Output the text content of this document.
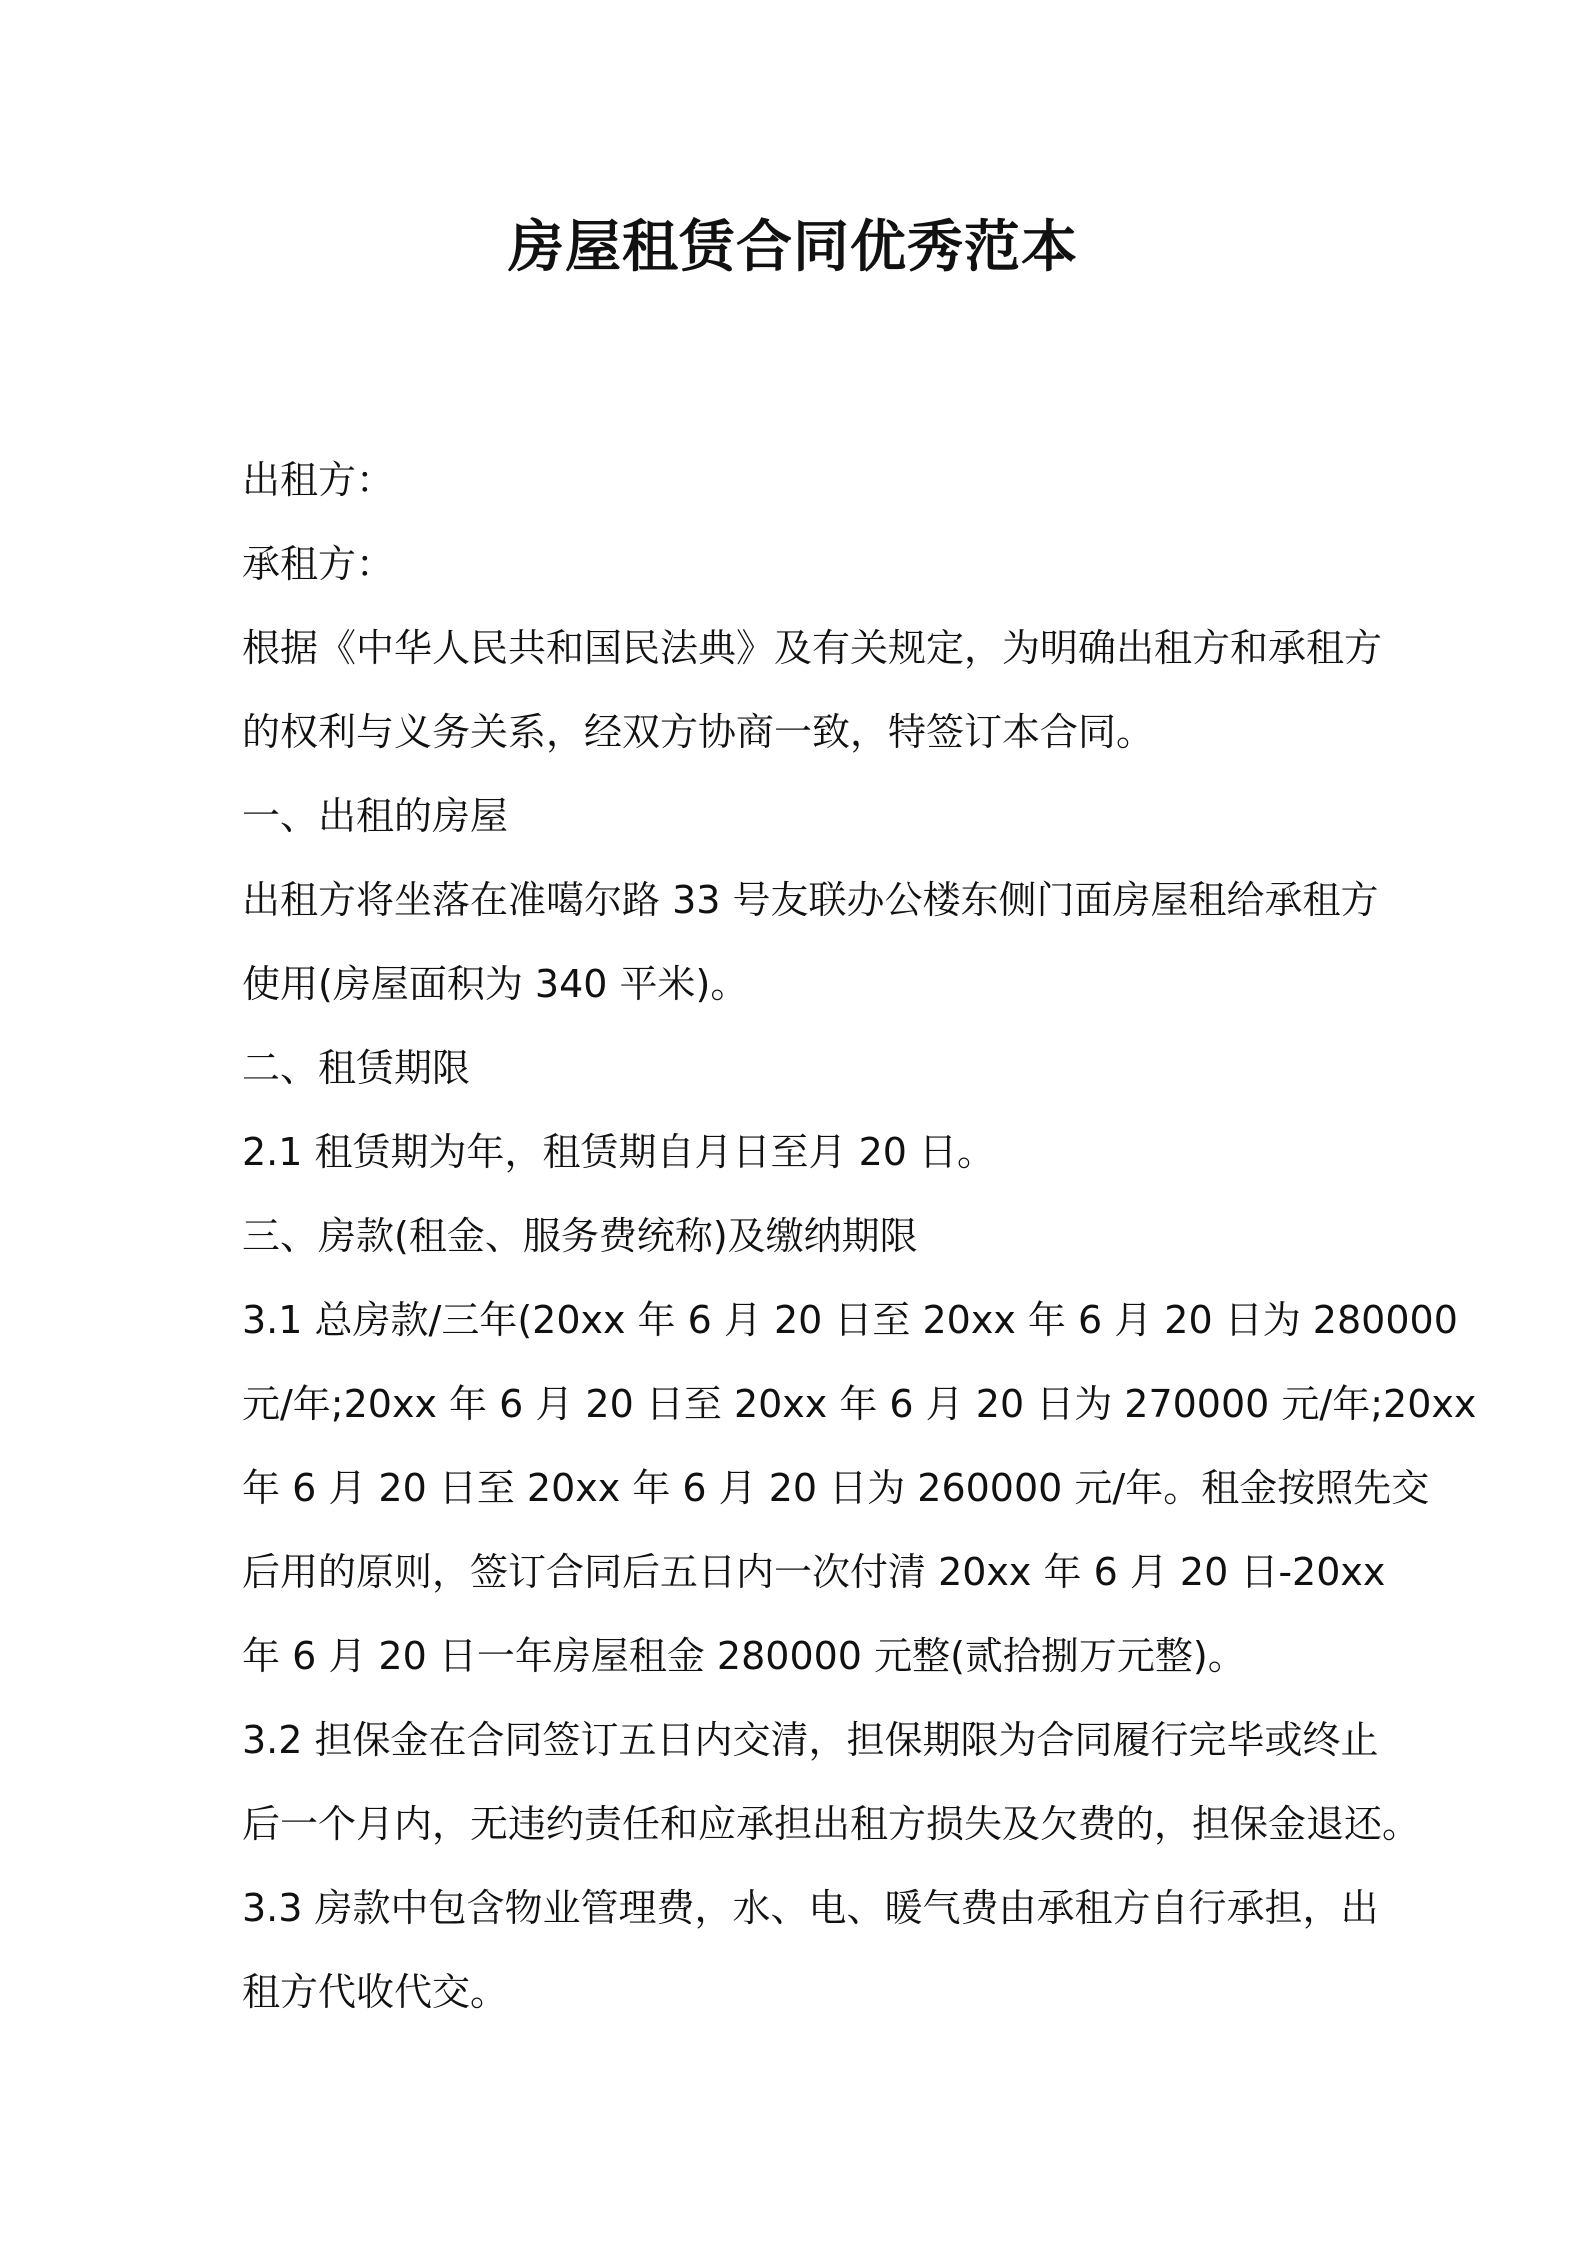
房屋租赁合同优秀范本
出租方：
承租方：
根据《中华人民共和国民法典》及有关规定，为明确出租方和承租方
的权利与义务关系，经双方协商一致，特签订本合同。
一、出租的房屋
出租方将坐落在准噶尔路 33 号友联办公楼东侧门面房屋租给承租方
使用(房屋面积为 340 平米)。
二、租赁期限
2.1 租赁期为年，租赁期自月日至月 20 日。
三、房款(租金、服务费统称)及缴纳期限
3.1 总房款/三年(20xx 年 6 月 20 日至 20xx 年 6 月 20 日为 280000
元/年;20xx 年 6 月 20 日至 20xx 年 6 月 20 日为 270000 元/年;20xx
年 6 月 20 日至 20xx 年 6 月 20 日为 260000 元/年。租金按照先交
后用的原则，签订合同后五日内一次付清 20xx 年 6 月 20 日-20xx
年 6 月 20 日一年房屋租金 280000 元整(贰拾捌万元整)。
3.2 担保金在合同签订五日内交清，担保期限为合同履行完毕或终止
后一个月内，无违约责任和应承担出租方损失及欠费的，担保金退还。
3.3 房款中包含物业管理费，水、电、暖气费由承租方自行承担，出
租方代收代交。
